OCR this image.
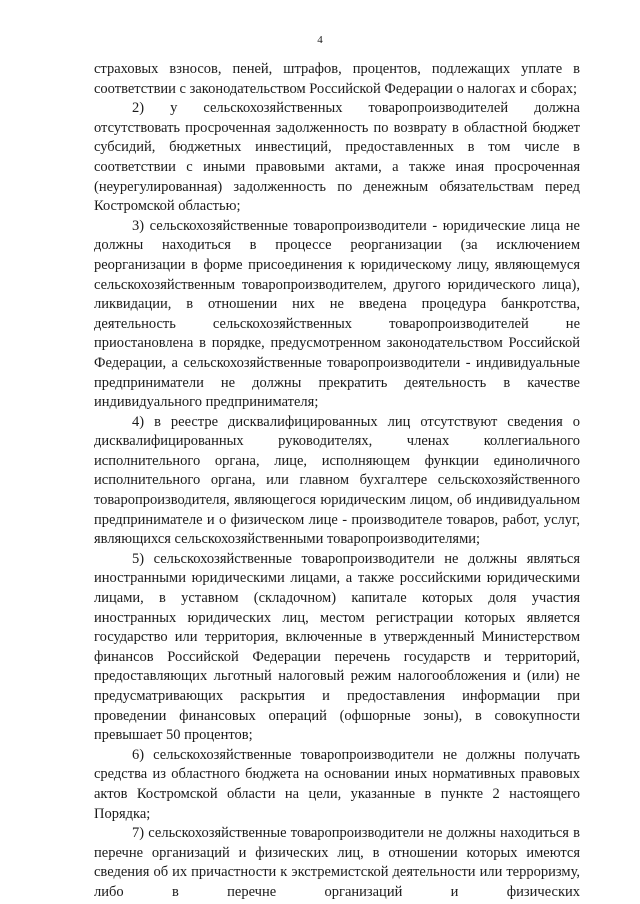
4

страховых взносов, пеней, штрафов, процентов, подлежащих уплате в соответствии с законодательством Российской Федерации о налогах и сборах;

2) у сельскохозяйственных товаропроизводителей должна отсутствовать просроченная задолженность по возврату в областной бюджет субсидий, бюджетных инвестиций, предоставленных в том числе в соответствии с иными правовыми актами, а также иная просроченная (неурегулированная) задолженность по денежным обязательствам перед Костромской областью;

3) сельскохозяйственные товаропроизводители - юридические лица не должны находиться в процессе реорганизации (за исключением реорганизации в форме присоединения к юридическому лицу, являющемуся сельскохозяйственным товаропроизводителем, другого юридического лица), ликвидации, в отношении них не введена процедура банкротства, деятельность сельскохозяйственных товаропроизводителей не приостановлена в порядке, предусмотренном законодательством Российской Федерации, а сельскохозяйственные товаропроизводители - индивидуальные предприниматели не должны прекратить деятельность в качестве индивидуального предпринимателя;

4) в реестре дисквалифицированных лиц отсутствуют сведения о дисквалифицированных руководителях, членах коллегиального исполнительного органа, лице, исполняющем функции единоличного исполнительного органа, или главном бухгалтере сельскохозяйственного товаропроизводителя, являющегося юридическим лицом, об индивидуальном предпринимателе и о физическом лице - производителе товаров, работ, услуг, являющихся сельскохозяйственными товаропроизводителями;

5) сельскохозяйственные товаропроизводители не должны являться иностранными юридическими лицами, а также российскими юридическими лицами, в уставном (складочном) капитале которых доля участия иностранных юридических лиц, местом регистрации которых является государство или территория, включенные в утвержденный Министерством финансов Российской Федерации перечень государств и территорий, предоставляющих льготный налоговый режим налогообложения и (или) не предусматривающих раскрытия и предоставления информации при проведении финансовых операций (офшорные зоны), в совокупности превышает 50 процентов;

6) сельскохозяйственные товаропроизводители не должны получать средства из областного бюджета на основании иных нормативных правовых актов Костромской области на цели, указанные в пункте 2 настоящего Порядка;

7) сельскохозяйственные товаропроизводители не должны находиться в перечне организаций и физических лиц, в отношении которых имеются сведения об их причастности к экстремистской деятельности или терроризму, либо в перечне организаций и физических
